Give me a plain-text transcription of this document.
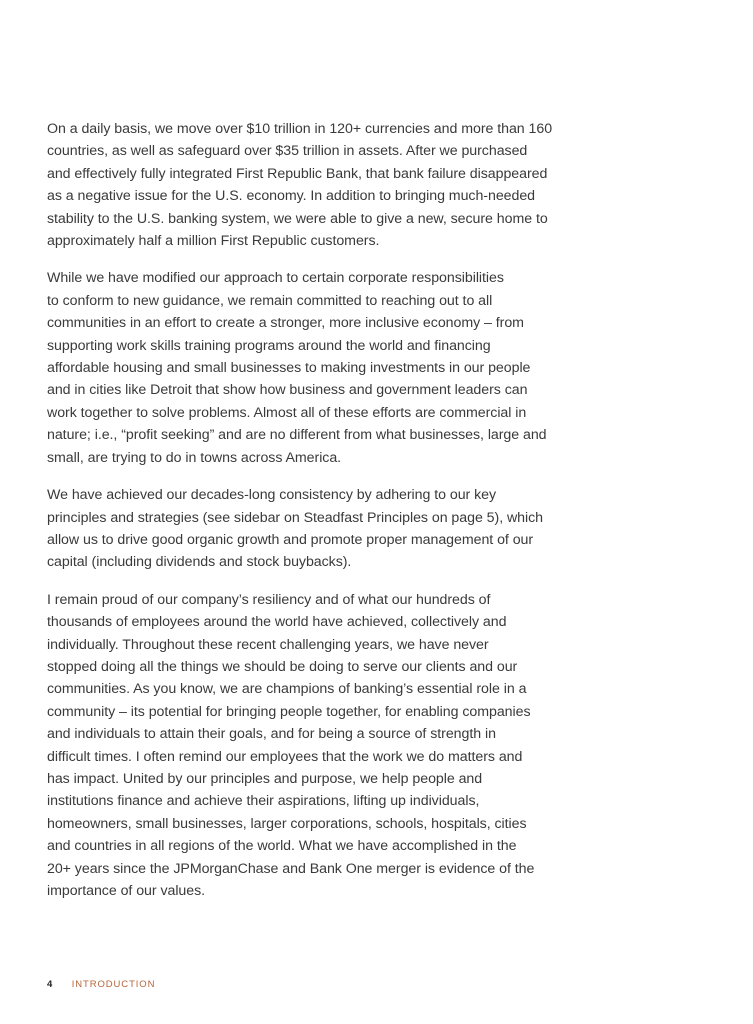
On a daily basis, we move over $10 trillion in 120+ currencies and more than 160
countries, as well as safeguard over $35 trillion in assets. After we purchased
and effectively fully integrated First Republic Bank, that bank failure disappeared
as a negative issue for the U.S. economy. In addition to bringing much-needed
stability to the U.S. banking system, we were able to give a new, secure home to
approximately half a million First Republic customers.

While we have modified our approach to certain corporate responsibilities
to conform to new guidance, we remain committed to reaching out to all
communities in an effort to create a stronger, more inclusive economy – from
supporting work skills training programs around the world and financing
affordable housing and small businesses to making investments in our people
and in cities like Detroit that show how business and government leaders can
work together to solve problems. Almost all of these efforts are commercial in
nature; i.e., “profit seeking” and are no different from what businesses, large and
small, are trying to do in towns across America.

We have achieved our decades-long consistency by adhering to our key
principles and strategies (see sidebar on Steadfast Principles on page 5), which
allow us to drive good organic growth and promote proper management of our
capital (including dividends and stock buybacks).

I remain proud of our company’s resiliency and of what our hundreds of
thousands of employees around the world have achieved, collectively and
individually. Throughout these recent challenging years, we have never
stopped doing all the things we should be doing to serve our clients and our
communities. As you know, we are champions of banking’s essential role in a
community – its potential for bringing people together, for enabling companies
and individuals to attain their goals, and for being a source of strength in
difficult times. I often remind our employees that the work we do matters and
has impact. United by our principles and purpose, we help people and
institutions finance and achieve their aspirations, lifting up individuals,
homeowners, small businesses, larger corporations, schools, hospitals, cities
and countries in all regions of the world. What we have accomplished in the
20+ years since the JPMorganChase and Bank One merger is evidence of the
importance of our values.

4 INTRODUCTION
